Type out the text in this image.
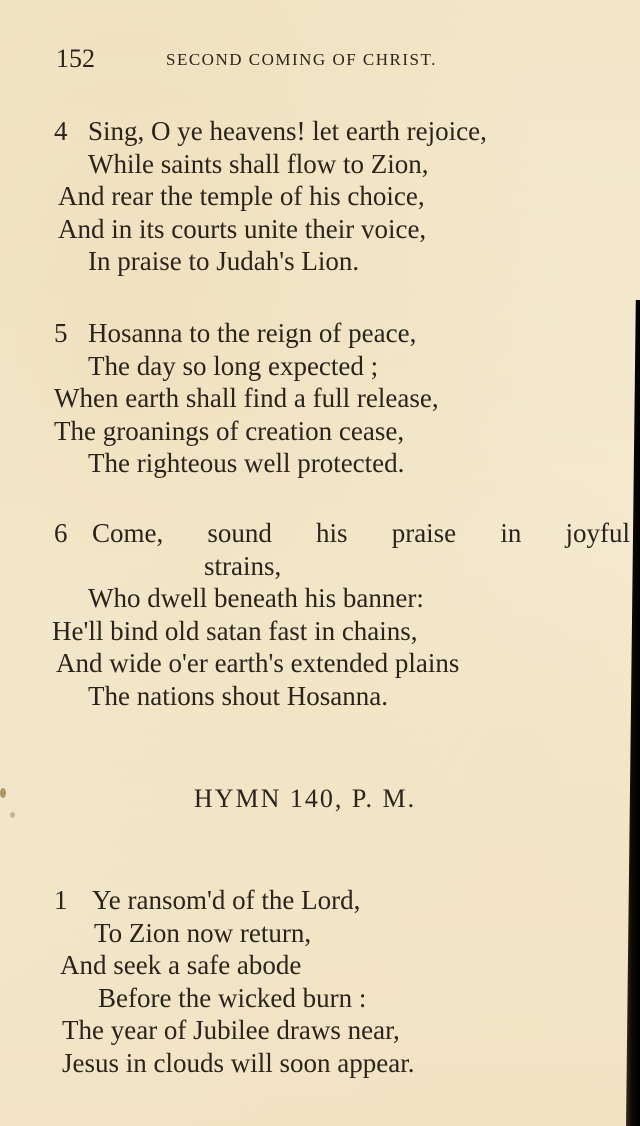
152	SECOND COMING OF CHRIST.
4 Sing, O ye heavens! let earth rejoice,
While saints shall flow to Zion,
And rear the temple of his choice,
And in its courts unite their voice,
In praise to Judah's Lion.
5 Hosanna to the reign of peace,
The day so long expected ;
When earth shall find a full release,
The groanings of creation cease,
The righteous well protected.
6 Come, sound his praise in joyful
strains,
Who dwell beneath his banner:
He'll bind old satan fast in chains,
And wide o'er earth's extended plains
The nations shout Hosanna.
HYMN 140, P. M.
1 Ye ransom'd of the Lord,
To Zion now return,
And seek a safe abode
Before the wicked burn :
The year of Jubilee draws near,
Jesus in clouds will soon appear.
